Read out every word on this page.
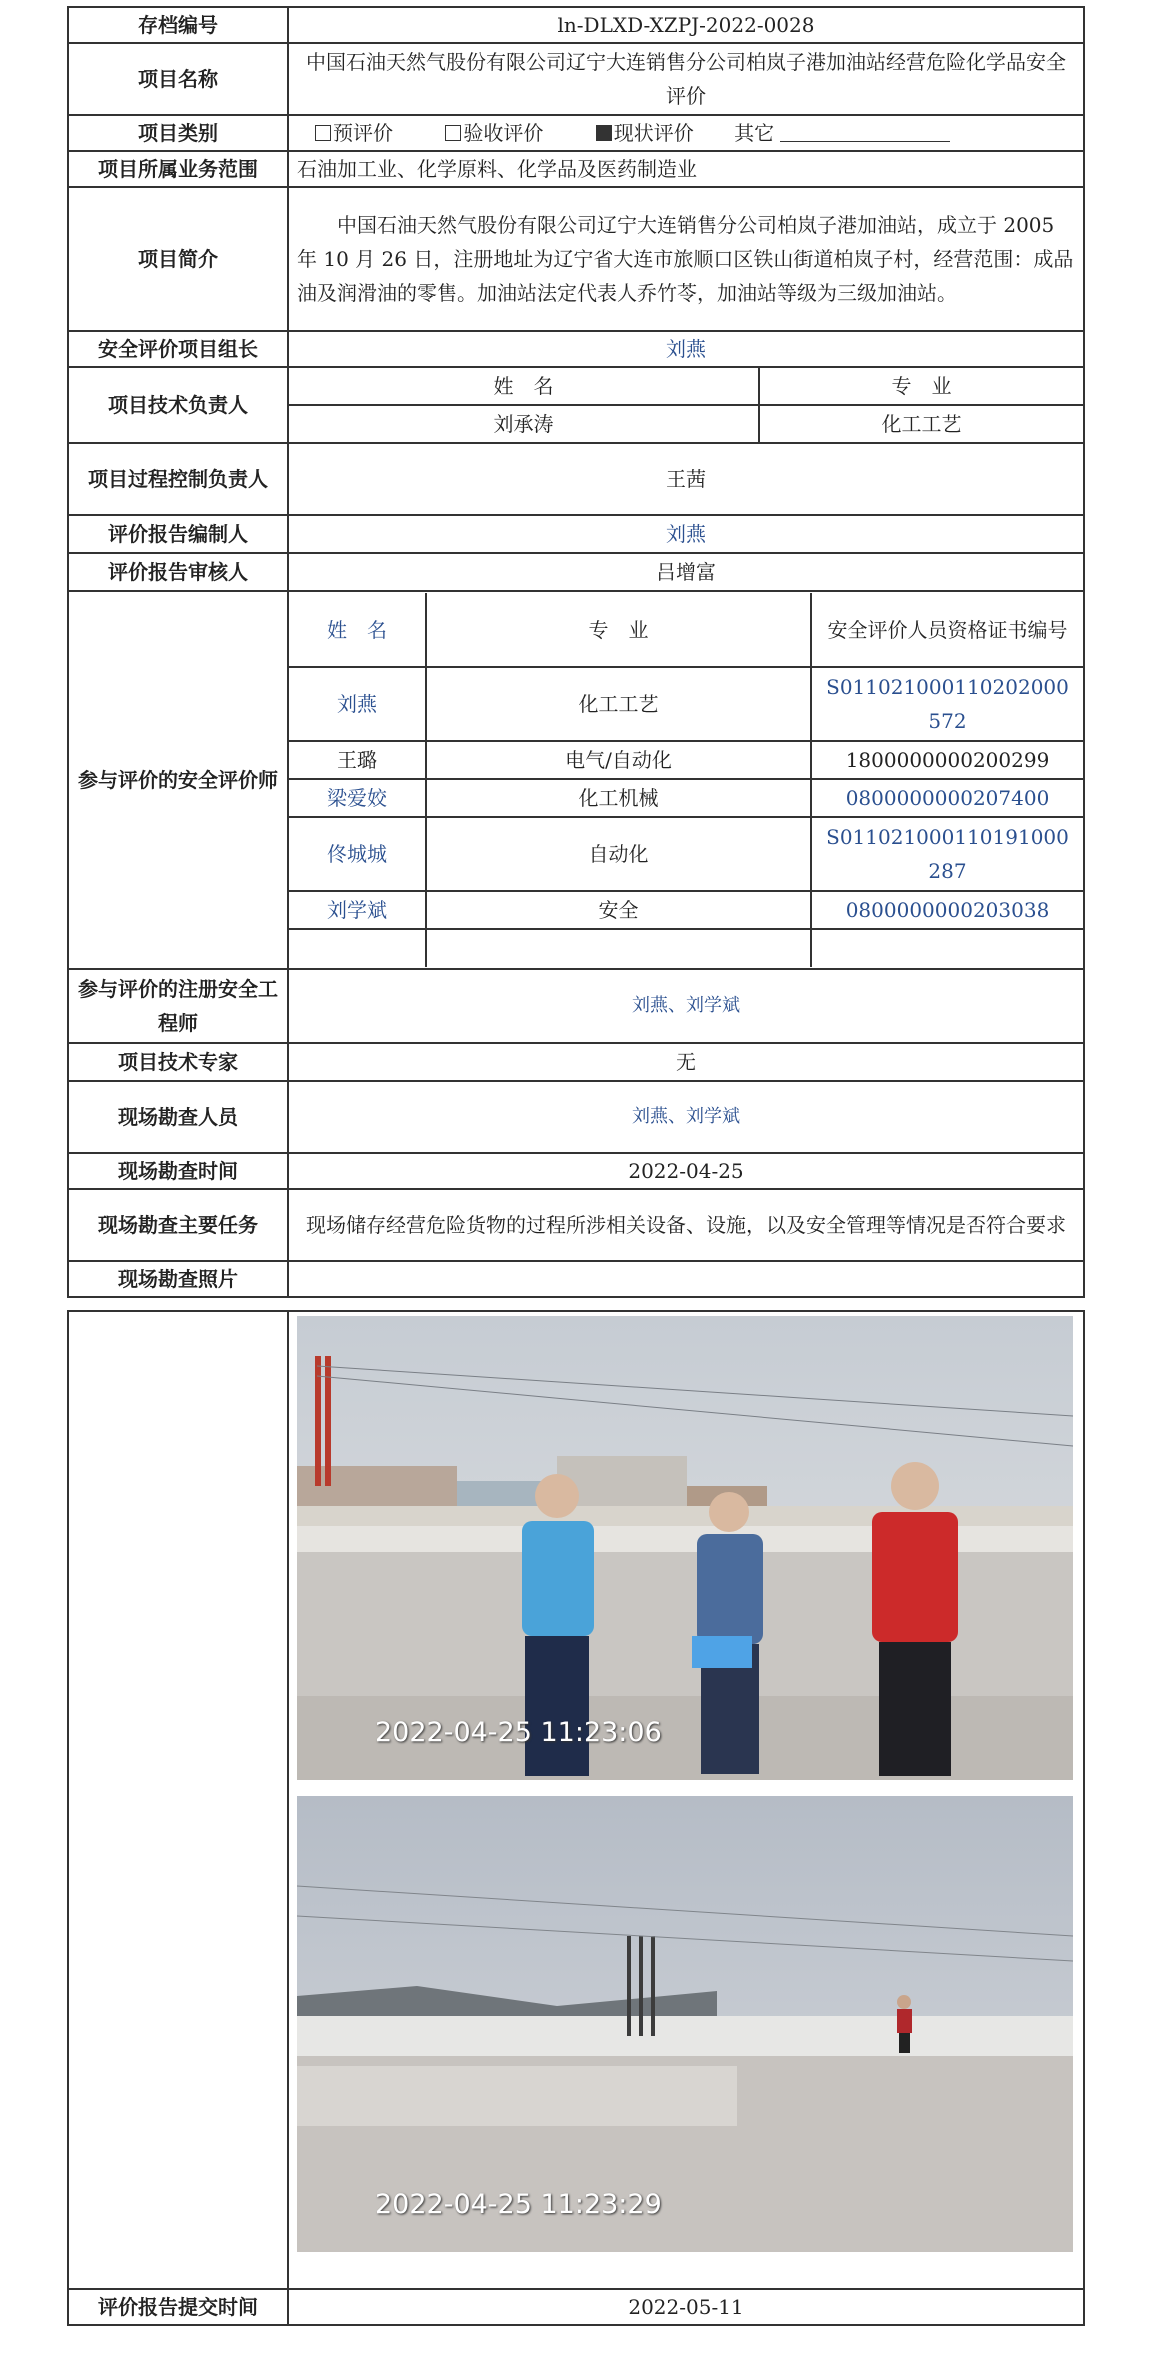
存档编号	ln-DLXD-XZPJ-2022-0028
项目名称	中国石油天然气股份有限公司辽宁大连销售分公司柏岚子港加油站经营危险化学品安全评价
项目类别	预评价	验收评价	现状评价 其它
项目所属业务范围	石油加工业、化学原料、化学品及医药制造业
项目简介	中国石油天然气股份有限公司辽宁大连销售分公司柏岚子港加油站，成立于 2005 年 10 月 26 日，注册地址为辽宁省大连市旅顺口区铁山街道柏岚子村，经营范围：成品油及润滑油的零售。加油站法定代表人乔竹苓，加油站等级为三级加油站。
安全评价项目组长	刘燕
项目技术负责人	
姓　名	专　业
刘承涛	化工工艺

项目过程控制负责人	王茜
评价报告编制人	刘燕
评价报告审核人	吕增富
参与评价的安全评价师	
姓　名	专　业	安全评价人员资格证书编号
刘燕	化工工艺	S011021000110202000572
王璐	电气/自动化	1800000000200299
梁爱姣	化工机械	0800000000207400
佟城城	自动化	S011021000110191000287
刘学斌	安全	0800000000203038

参与评价的注册安全工程师	刘燕、刘学斌
项目技术专家	无
现场勘查人员	刘燕、刘学斌
现场勘查时间	2022-04-25
现场勘查主要任务	现场储存经营危险货物的过程所涉相关设备、设施，以及安全管理等情况是否符合要求
现场勘查照片	

2022-04-25 11:23:06
2022-04-25 11:23:29

评价报告提交时间	2022-05-11
